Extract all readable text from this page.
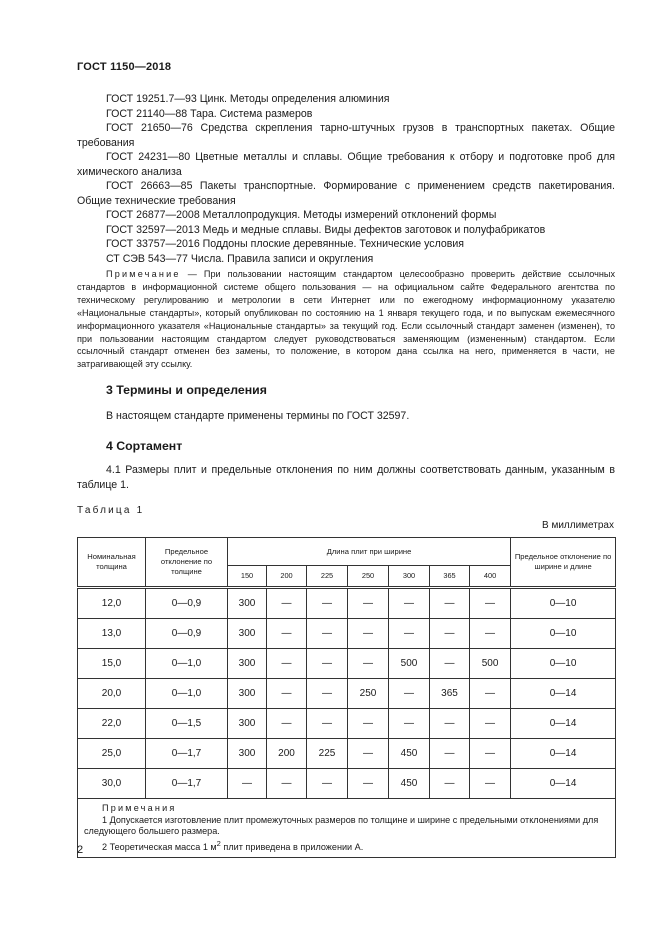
ГОСТ 1150—2018

ГОСТ 19251.7—93 Цинк. Методы определения алюминия

ГОСТ 21140—88 Тара. Система размеров

ГОСТ 21650—76 Средства скрепления тарно-штучных грузов в транспортных пакетах. Общие требования

ГОСТ 24231—80 Цветные металлы и сплавы. Общие требования к отбору и подготовке проб для химического анализа

ГОСТ 26663—85 Пакеты транспортные. Формирование с применением средств пакетирования. Общие технические требования

ГОСТ 26877—2008 Металлопродукция. Методы измерений отклонений формы

ГОСТ 32597—2013 Медь и медные сплавы. Виды дефектов заготовок и полуфабрикатов

ГОСТ 33757—2016 Поддоны плоские деревянные. Технические условия

СТ СЭВ 543—77 Числа. Правила записи и округления

Примечание — При пользовании настоящим стандартом целесообразно проверить действие ссылочных стандартов в информационной системе общего пользования — на официальном сайте Федерального агентства по техническому регулированию и метрологии в сети Интернет или по ежегодному информационному указателю «Национальные стандарты», который опубликован по состоянию на 1 января текущего года, и по выпускам ежемесячного информационного указателя «Национальные стандарты» за текущий год. Если ссылочный стандарт заменен (изменен), то при пользовании настоящим стандартом следует руководствоваться заменяющим (измененным) стандартом. Если ссылочный стандарт отменен без замены, то положение, в котором дана ссылка на него, применяется в части, не затрагивающей эту ссылку.

3 Термины и определения

В настоящем стандарте применены термины по ГОСТ 32597.

4 Сортамент

4.1 Размеры плит и предельные отклонения по ним должны соответствовать данным, указанным в таблице 1.

Таблица 1
В миллиметрах
Номинальная толщина	Предельное отклонение по толщине	Длина плит при ширине							Предельное отклонение по ширине и длине
		150	200	225	250	300	365	400	
12,0	0—0,9	300	—	—	—	—	—	—	0—10
13,0	0—0,9	300	—	—	—	—	—	—	0—10
15,0	0—1,0	300	—	—	—	500	—	500	0—10
20,0	0—1,0	300	—	—	250	—	365	—	0—14
22,0	0—1,5	300	—	—	—	—	—	—	0—14
25,0	0—1,7	300	200	225	—	450	—	—	0—14
30,0	0—1,7	—	—	—	—	450	—	—	0—14

Примечания

1 Допускается изготовление плит промежуточных размеров по толщине и ширине с предельными отклонениями для следующего большего размера.

2 Теоретическая масса 1 $м^2$ плит приведена в приложении А.									

2
